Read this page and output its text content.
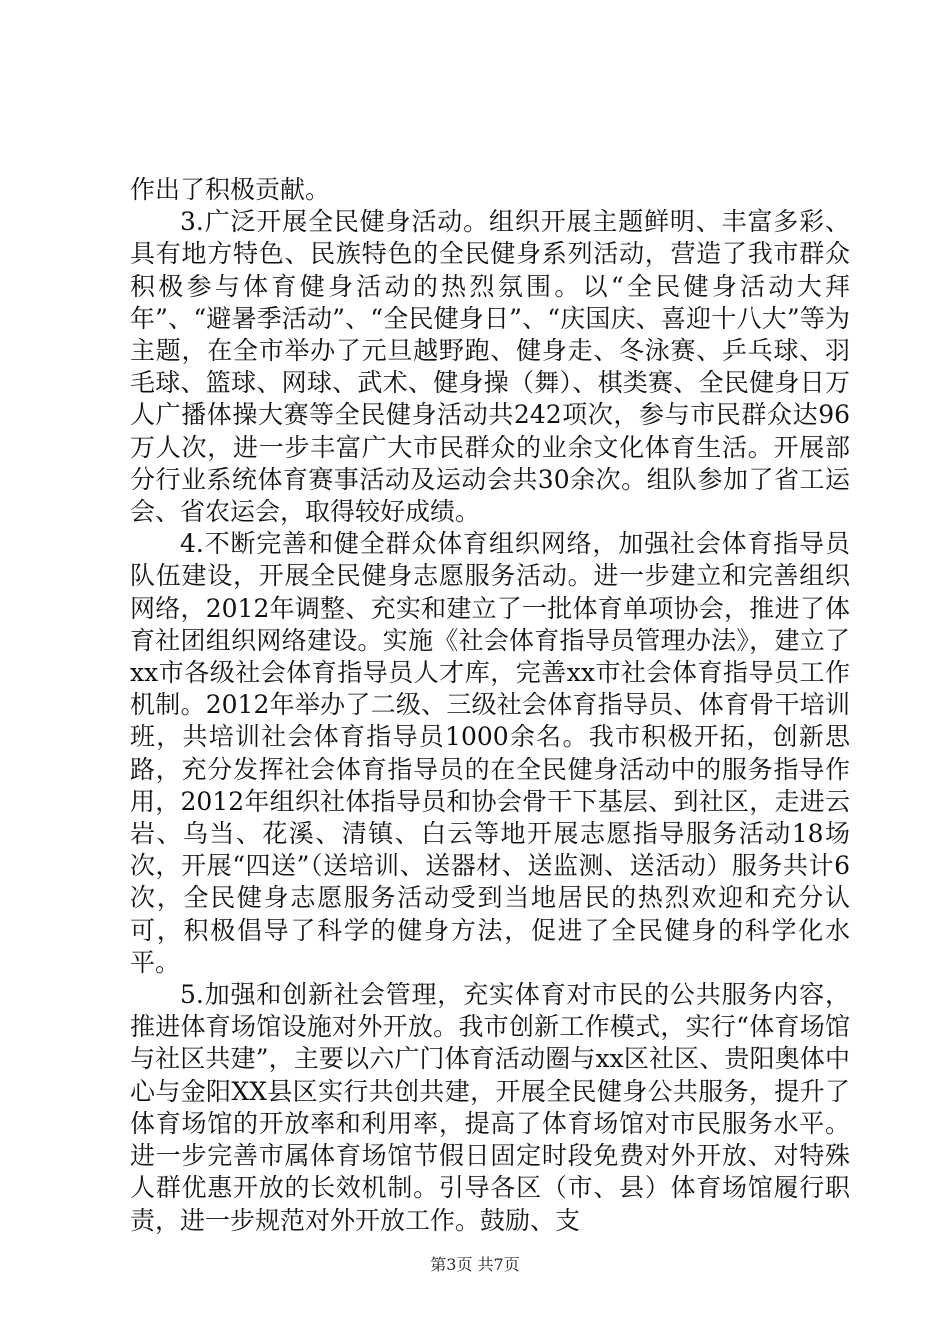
作出了积极贡献。

3.广泛开展全民健身活动。组织开展主题鲜明、丰富多彩、具有地方特色、民族特色的全民健身系列活动，营造了我市群众积极参与体育健身活动的热烈氛围。以“全民健身活动大拜年”、“避暑季活动”、“全民健身日”、“庆国庆、喜迎十八大”等为主题，在全市举办了元旦越野跑、健身走、冬泳赛、乒乓球、羽毛球、篮球、网球、武术、健身操（舞）、棋类赛、全民健身日万人广播体操大赛等全民健身活动共242项次，参与市民群众达96万人次，进一步丰富广大市民群众的业余文化体育生活。开展部分行业系统体育赛事活动及运动会共30余次。组队参加了省工运会、省农运会，取得较好成绩。

4.不断完善和健全群众体育组织网络，加强社会体育指导员队伍建设，开展全民健身志愿服务活动。进一步建立和完善组织网络，2012年调整、充实和建立了一批体育单项协会，推进了体育社团组织网络建设。实施《社会体育指导员管理办法》，建立了xx市各级社会体育指导员人才库，完善xx市社会体育指导员工作机制。2012年举办了二级、三级社会体育指导员、体育骨干培训班，共培训社会体育指导员1000余名。我市积极开拓，创新思路，充分发挥社会体育指导员的在全民健身活动中的服务指导作用，2012年组织社体指导员和协会骨干下基层、到社区，走进云岩、乌当、花溪、清镇、白云等地开展志愿指导服务活动18场次，开展“四送”（送培训、送器材、送监测、送活动）服务共计6次，全民健身志愿服务活动受到当地居民的热烈欢迎和充分认可，积极倡导了科学的健身方法，促进了全民健身的科学化水平。

5.加强和创新社会管理，充实体育对市民的公共服务内容，推进体育场馆设施对外开放。我市创新工作模式，实行“体育场馆与社区共建”，主要以六广门体育活动圈与xx区社区、贵阳奥体中心与金阳XX县区实行共创共建，开展全民健身公共服务，提升了体育场馆的开放率和利用率，提高了体育场馆对市民服务水平。进一步完善市属体育场馆节假日固定时段免费对外开放、对特殊人群优惠开放的长效机制。引导各区（市、县）体育场馆履行职责，进一步规范对外开放工作。鼓励、支

第3页 共7页
